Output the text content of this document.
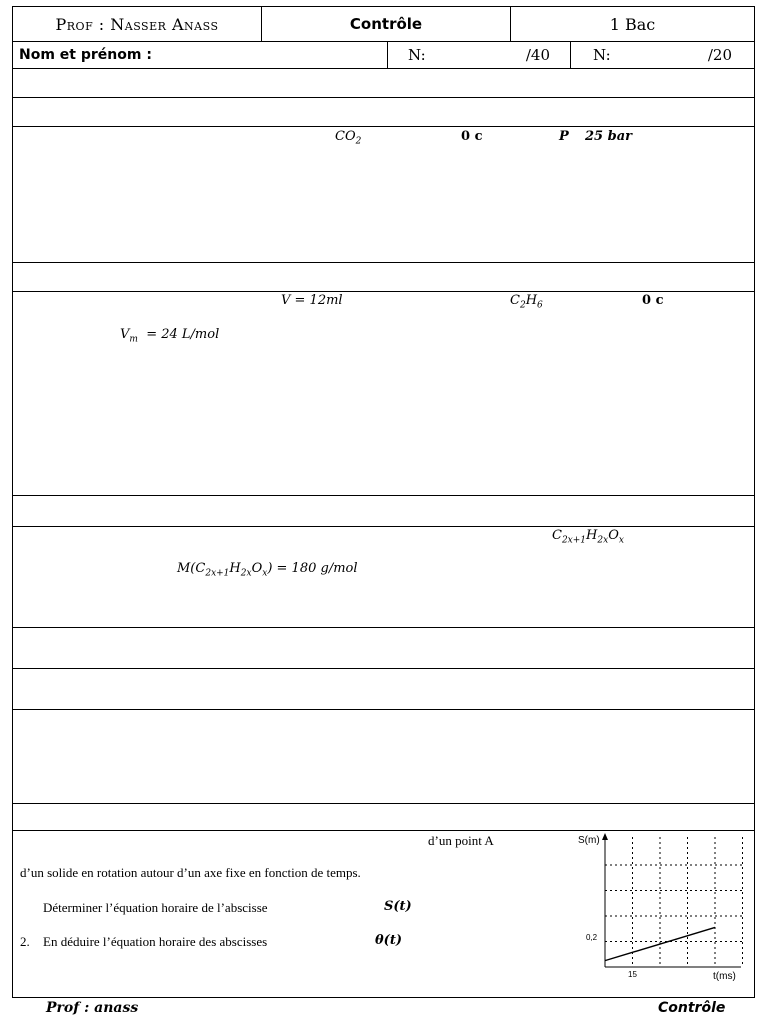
Prof : Nasser Anass	Contrôle	1 Bac
Nom et prénom :	N:	/40	N:	/20
$CO_2$	0 c	P 25 bar
V = 12ml	$C_2H_6$	0 c
$V_m = 24$ L/mol
$C_{2x+1}H_{2x}O_x$
$M(C_{2x+1}H_{2x}O_x) = 180$ g/mol
d’un point A
d’un solide en rotation autour d’un axe fixe en fonction de temps.
Déterminer l’équation horaire de l’abscisse	S(t)
2. En déduire l’équation horaire des abscisses	θ(t)
S(m)
t(ms)
15
0,2
Prof : anass	Contrôle
